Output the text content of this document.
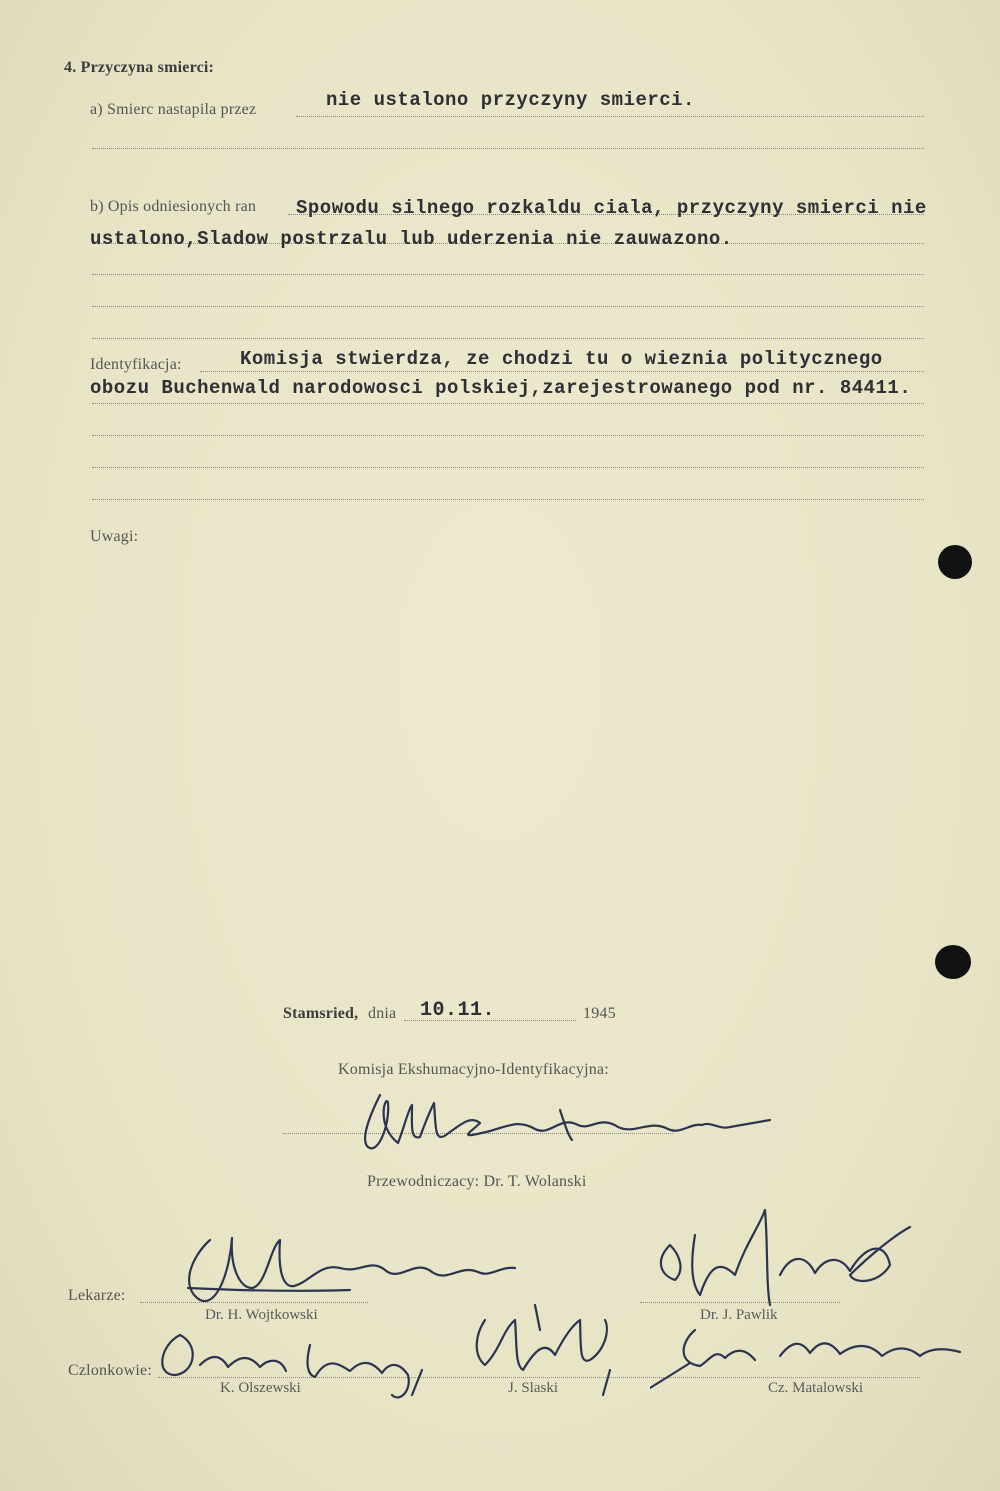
4. Przyczyna smierci:
a) Smierc nastapila przez	nie ustalono przyczyny smierci.
b) Opis odniesionych ran Spowodu silnego rozkaldu ciala, przyczyny smierci nie
ustalono,Sladow postrzalu lub uderzenia nie zauwazono.
Identyfikacja:	Komisja stwierdza, ze chodzi tu o wieznia politycznego
obozu Buchenwald narodowosci polskiej,zarejestrowanego pod nr. 84411.
Uwagi:
Stamsried, dnia 10.11.	1945
Komisja Ekshumacyjno-Identyfikacyjna:
Przewodniczacy: Dr. T. Wolanski
Lekarze:
Dr. H. Wojtkowski	Dr. J. Pawlik
Czlonkowie:
K. Olszewski	J. Slaski	Cz. Matalowski
